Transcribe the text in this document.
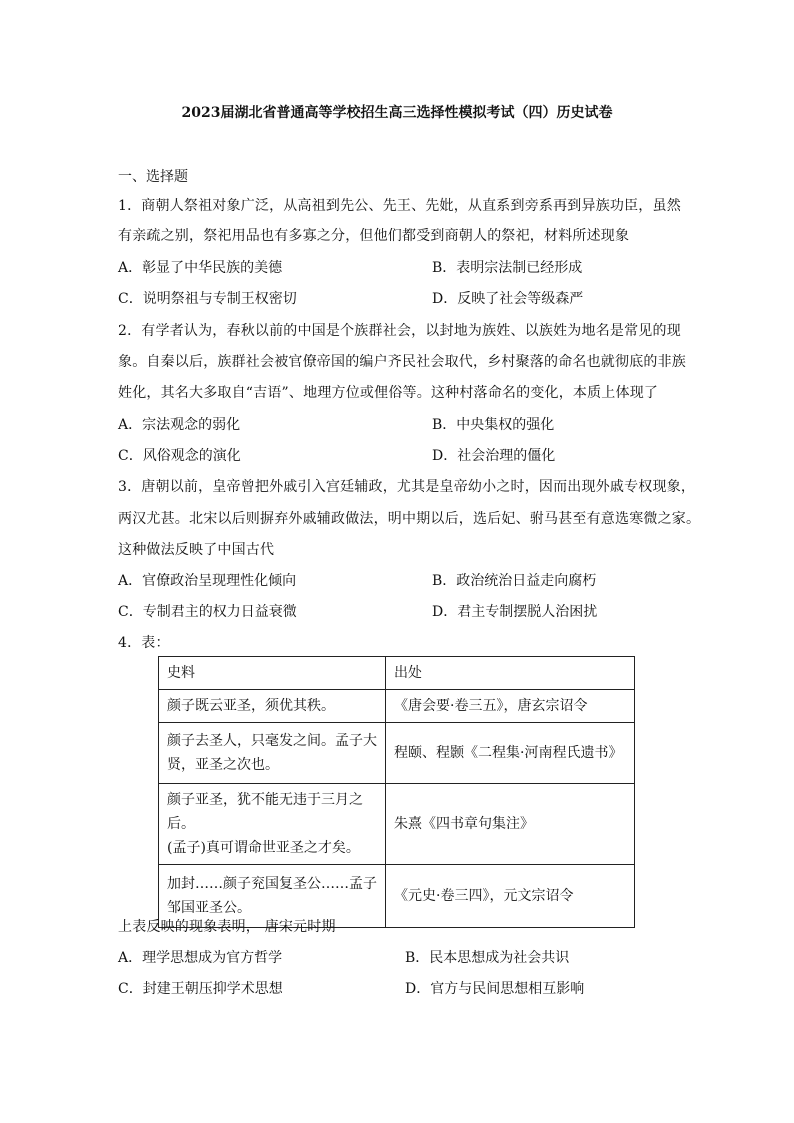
2023届湖北省普通高等学校招生高三选择性模拟考试（四）历史试卷
一、选择题
1．商朝人祭祖对象广泛，从高祖到先公、先王、先妣，从直系到旁系再到异族功臣，虽然
有亲疏之别，祭祀用品也有多寡之分，但他们都受到商朝人的祭祀，材料所述现象
A．彰显了中华民族的美德	B．表明宗法制已经形成
C．说明祭祖与专制王权密切	D．反映了社会等级森严
2．有学者认为，春秋以前的中国是个族群社会，以封地为族姓、以族姓为地名是常见的现
象。自秦以后，族群社会被官僚帝国的编户齐民社会取代，乡村聚落的命名也就彻底的非族
姓化，其名大多取自“吉语”、地理方位或俚俗等。这种村落命名的变化，本质上体现了
A．宗法观念的弱化	B．中央集权的强化
C．风俗观念的演化	D．社会治理的僵化
3．唐朝以前，皇帝曾把外戚引入宫廷辅政，尤其是皇帝幼小之时，因而出现外戚专权现象，
两汉尤甚。北宋以后则摒弃外戚辅政做法，明中期以后，选后妃、驸马甚至有意选寒微之家。
这种做法反映了中国古代
A．官僚政治呈现理性化倾向	B．政治统治日益走向腐朽
C．专制君主的权力日益衰微	D．君主专制摆脱人治困扰
4．表：
史料	出处

颜子既云亚圣，须优其秩。	《唐会要·卷三五》，唐玄宗诏令

颜子去圣人，只毫发之间。孟子大
贤，亚圣之次也。	程颐、程颢《二程集·河南程氏遗书》

颜子亚圣，犹不能无违于三月之后。
(孟子)真可谓命世亚圣之才矣。	朱熹《四书章句集注》

加封……颜子兖国复圣公……孟子
邹国亚圣公。	《元史·卷三四》，元文宗诏令
上表反映的现象表明， 唐宋元时期
A．理学思想成为官方哲学	B．民本思想成为社会共识
C．封建王朝压抑学术思想	D．官方与民间思想相互影响
